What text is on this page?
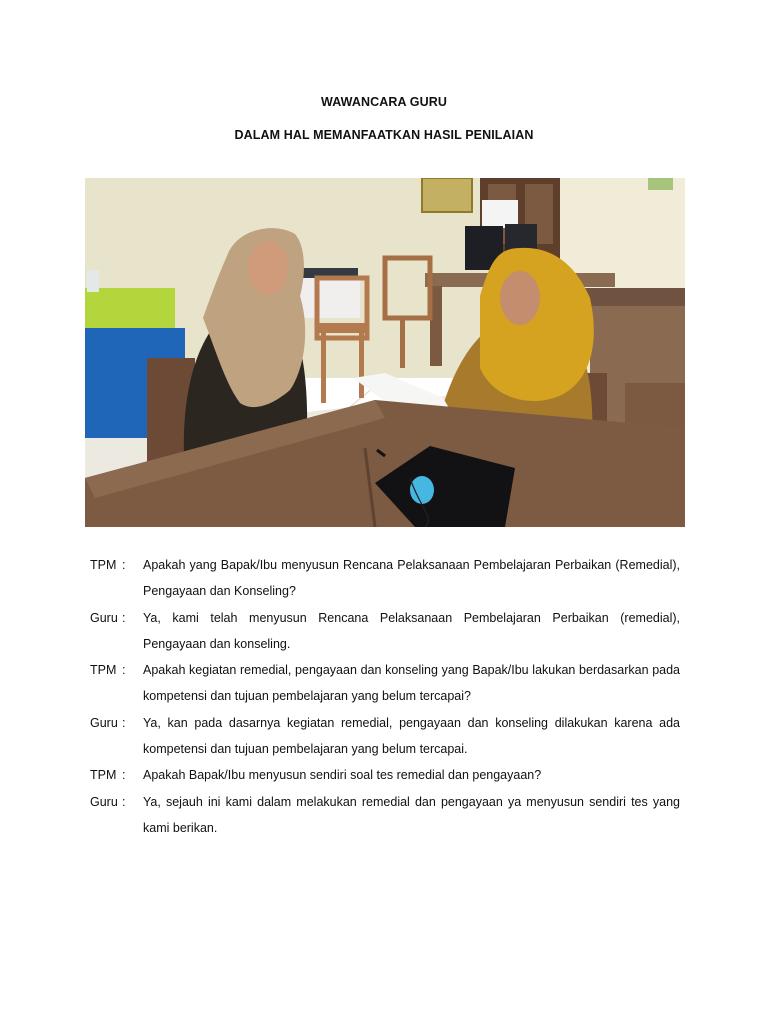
WAWANCARA GURU
DALAM HAL MEMANFAATKAN HASIL PENILAIAN
TPM :	Apakah yang Bapak/Ibu menyusun Rencana Pelaksanaan Pembelajaran Perbaikan (Remedial), Pengayaan dan Konseling?
Guru :	Ya, kami telah menyusun Rencana Pelaksanaan Pembelajaran Perbaikan (remedial), Pengayaan dan konseling.
TPM :	Apakah kegiatan remedial, pengayaan dan konseling yang Bapak/Ibu lakukan berdasarkan pada kompetensi dan tujuan pembelajaran yang belum tercapai?
Guru :	Ya, kan pada dasarnya kegiatan remedial, pengayaan dan konseling dilakukan karena ada kompetensi dan tujuan pembelajaran yang belum tercapai.
TPM :	Apakah Bapak/Ibu menyusun sendiri soal tes remedial dan pengayaan?
Guru :	Ya, sejauh ini kami dalam melakukan remedial dan pengayaan ya menyusun sendiri tes yang kami berikan.
